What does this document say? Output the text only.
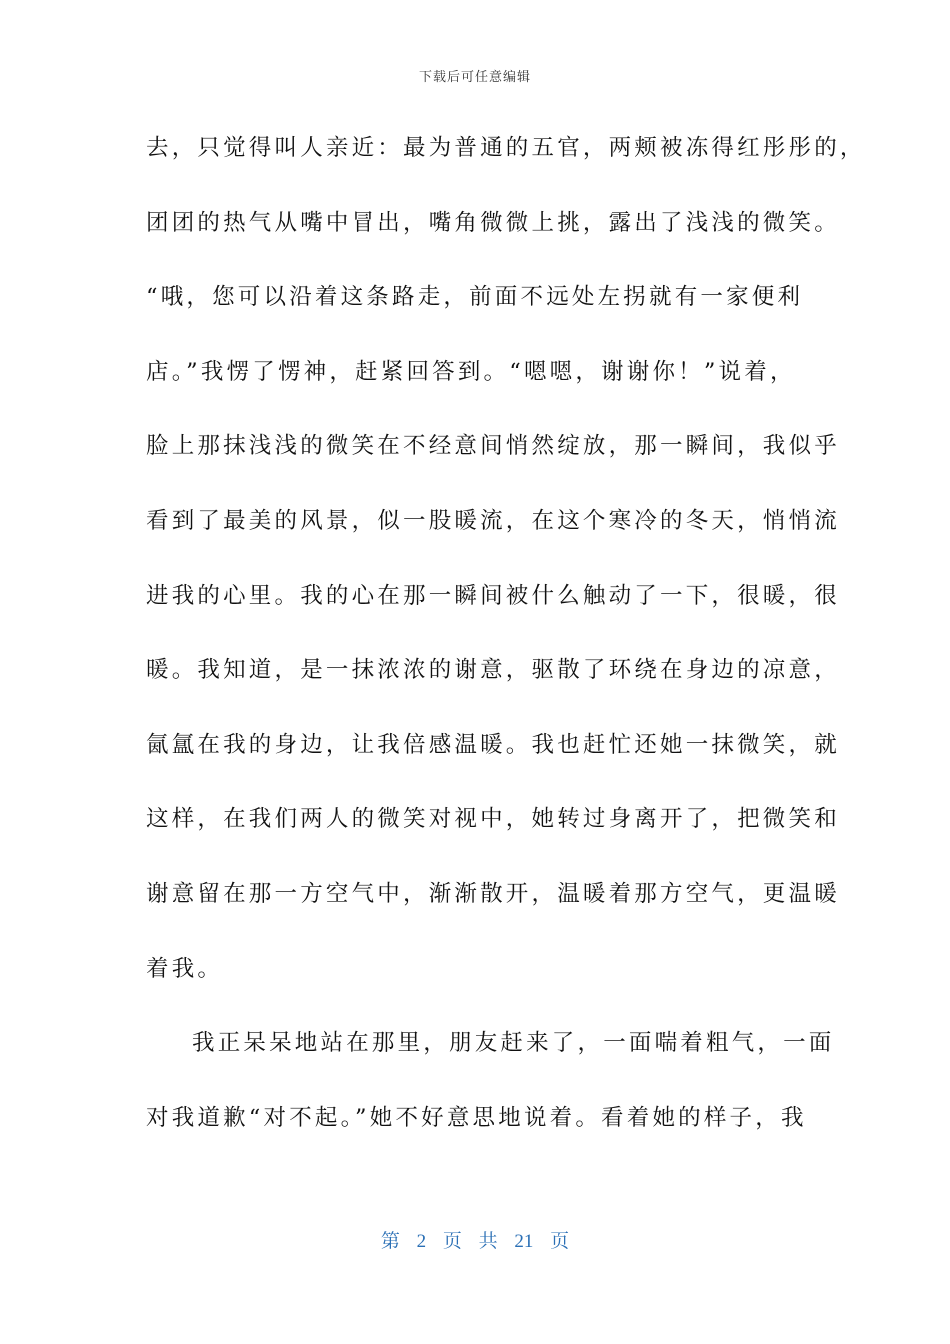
下载后可任意编辑
去，只觉得叫人亲近：最为普通的五官，两颊被冻得红彤彤的，
团团的热气从嘴中冒出，嘴角微微上挑，露出了浅浅的微笑。
“哦，您可以沿着这条路走，前面不远处左拐就有一家便利
店。”我愣了愣神，赶紧回答到。“嗯嗯，谢谢你！”说着，
脸上那抹浅浅的微笑在不经意间悄然绽放，那一瞬间，我似乎
看到了最美的风景，似一股暖流，在这个寒冷的冬天，悄悄流
进我的心里。我的心在那一瞬间被什么触动了一下，很暖，很
暖。我知道，是一抹浓浓的谢意，驱散了环绕在身边的凉意，
氤氲在我的身边，让我倍感温暖。我也赶忙还她一抹微笑，就
这样，在我们两人的微笑对视中，她转过身离开了，把微笑和
谢意留在那一方空气中，渐渐散开，温暖着那方空气，更温暖
着我。
我正呆呆地站在那里，朋友赶来了，一面喘着粗气，一面
对我道歉“对不起。”她不好意思地说着。看着她的样子，我
第 2 页 共 21 页
